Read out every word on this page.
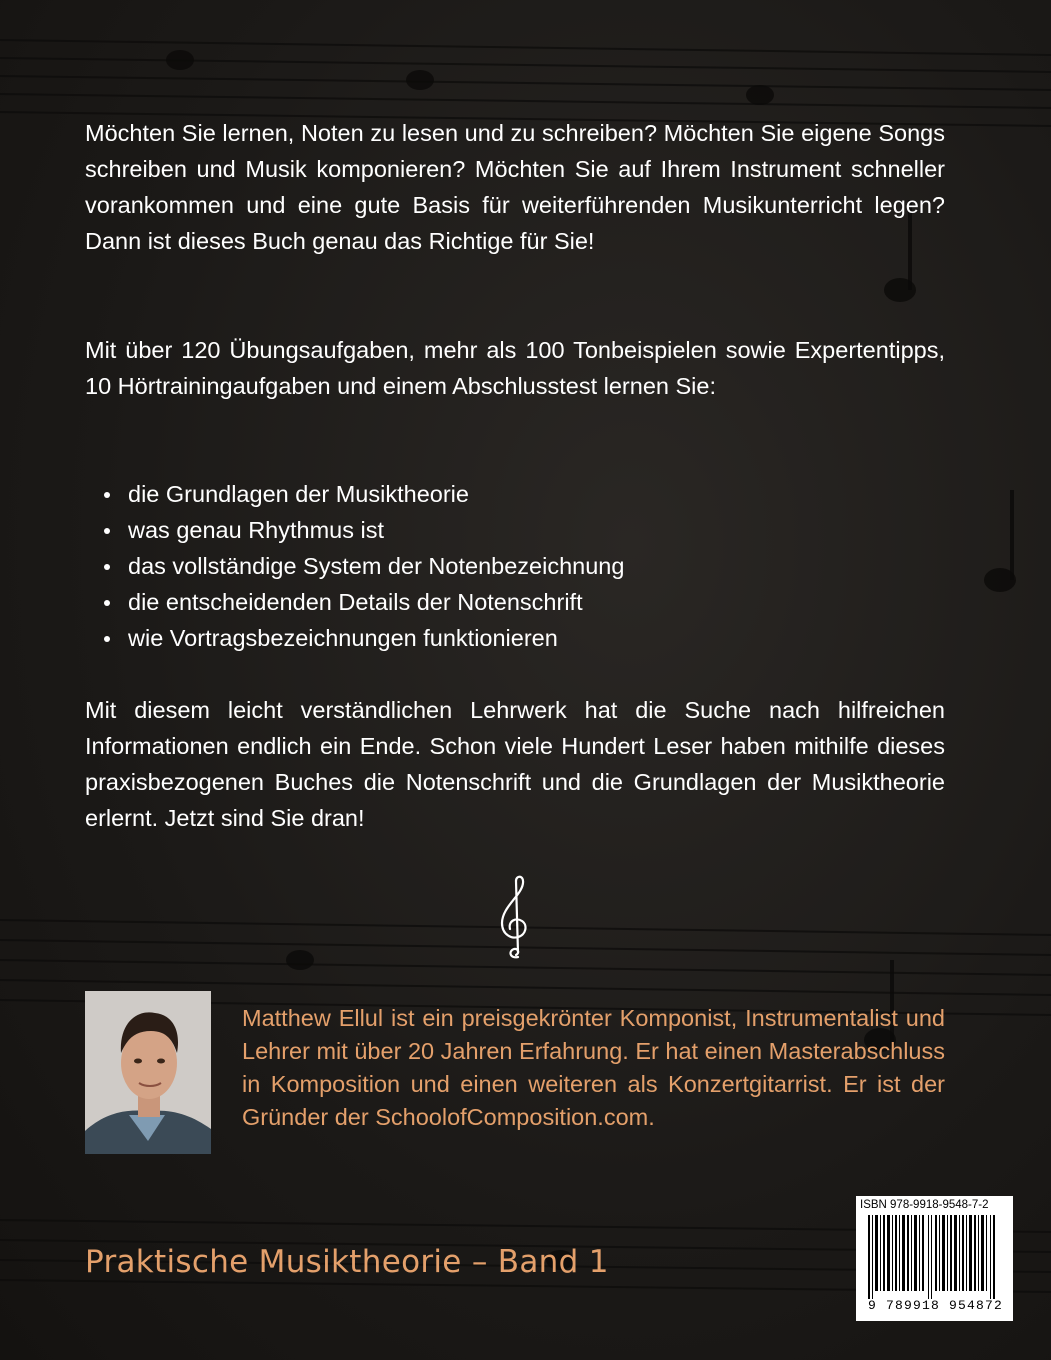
Möchten Sie lernen, Noten zu lesen und zu schreiben? Möchten Sie eigene Songs schreiben und Musik komponieren? Möchten Sie auf Ihrem Instrument schneller vorankommen und eine gute Basis für weiterführenden Musikunterricht legen? Dann ist dieses Buch genau das Richtige für Sie!

Mit über 120 Übungsaufgaben, mehr als 100 Tonbeispielen sowie Expertentipps, 10 Hörtrainingaufgaben und einem Abschlusstest lernen Sie:

die Grundlagen der Musiktheorie
was genau Rhythmus ist
das vollständige System der Notenbezeichnung
die entscheidenden Details der Notenschrift
wie Vortragsbezeichnungen funktionieren

Mit diesem leicht verständlichen Lehrwerk hat die Suche nach hilfreichen Informationen endlich ein Ende. Schon viele Hundert Leser haben mithilfe dieses praxisbezogenen Buches die Notenschrift und die Grundlagen der Musiktheorie erlernt. Jetzt sind Sie dran!

Matthew Ellul ist ein preisgekrönter Komponist, Instrumentalist und Lehrer mit über 20 Jahren Erfahrung. Er hat einen Masterabschluss in Komposition und einen weiteren als Konzertgitarrist. Er ist der Gründer der SchoolofComposition.com.

Praktische Musiktheorie – Band 1

ISBN 978-9918-9548-7-2
9 789918 954872
